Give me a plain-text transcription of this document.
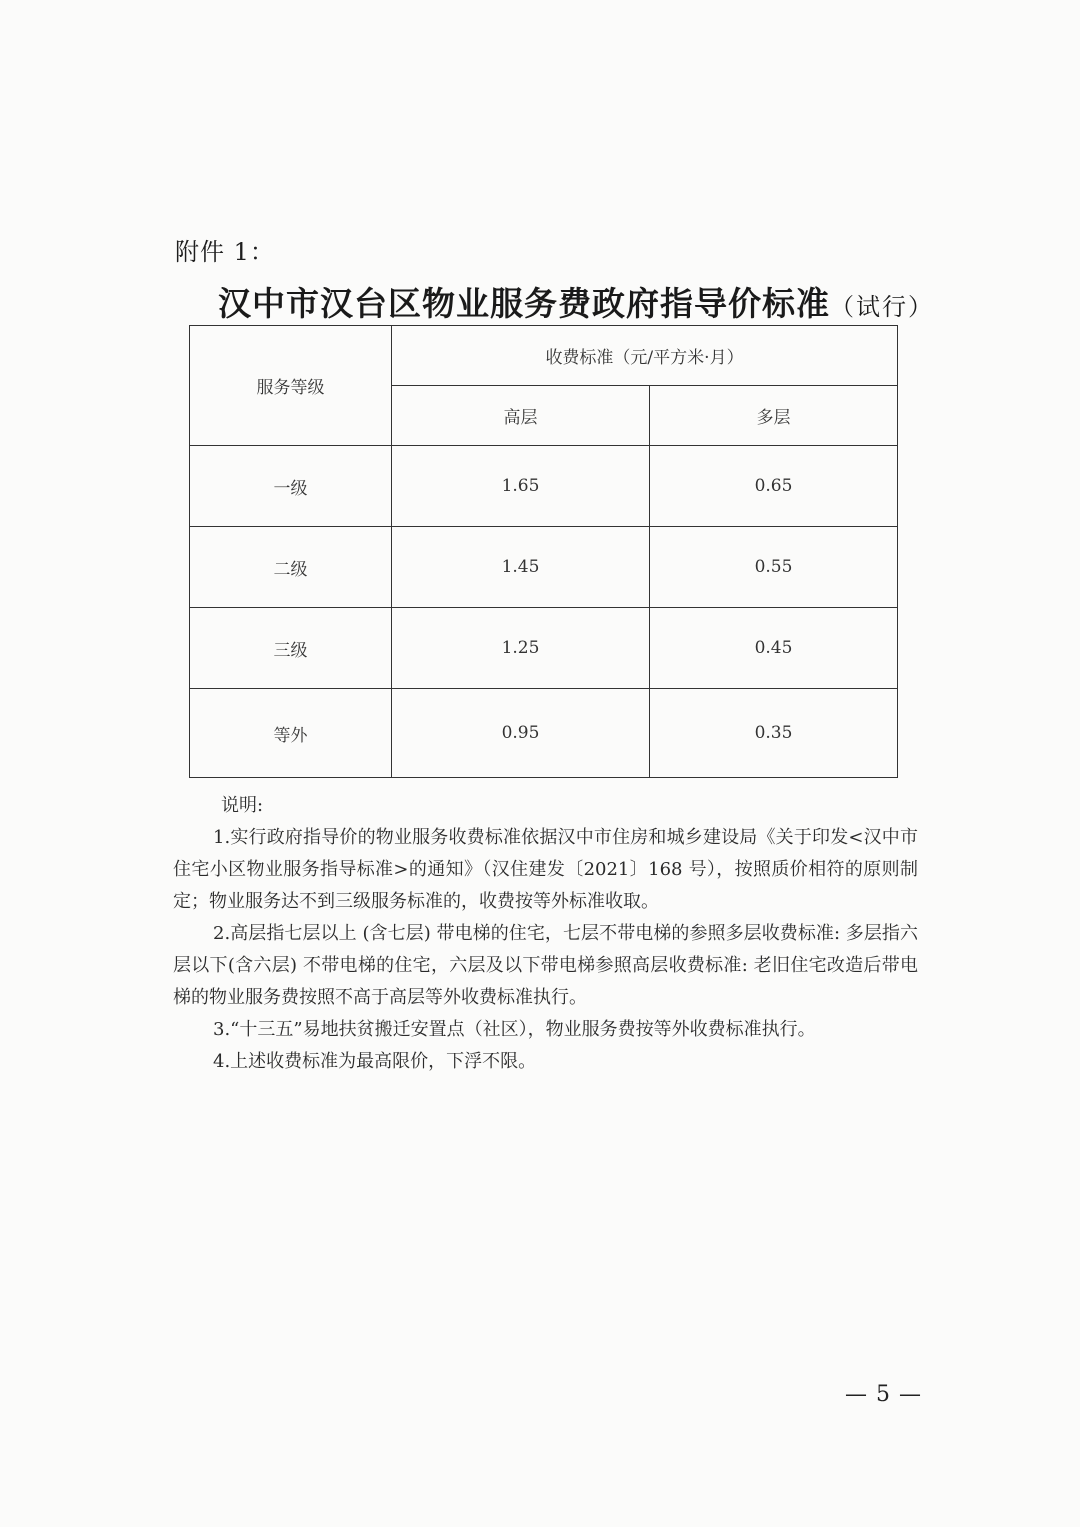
附件 1：
汉中市汉台区物业服务费政府指导价标准（试行）
服务等级	收费标准（元/平方米·月）	
	高层	多层
一级	1.65	0.65
二级	1.45	0.55
三级	1.25	0.45
等外	0.95	0.35

说明:

1.实行政府指导价的物业服务收费标准依据汉中市住房和城乡建设局《关于印发<汉中市住宅小区物业服务指导标准>的通知》（汉住建发〔2021〕168 号），按照质价相符的原则制定；物业服务达不到三级服务标准的，收费按等外标准收取。

2.高层指七层以上 (含七层) 带电梯的住宅，七层不带电梯的参照多层收费标准: 多层指六层以下(含六层) 不带电梯的住宅，六层及以下带电梯参照高层收费标准: 老旧住宅改造后带电梯的物业服务费按照不高于高层等外收费标准执行。

3.“十三五”易地扶贫搬迁安置点（社区），物业服务费按等外收费标准执行。

4.上述收费标准为最高限价，下浮不限。

— 5 —
